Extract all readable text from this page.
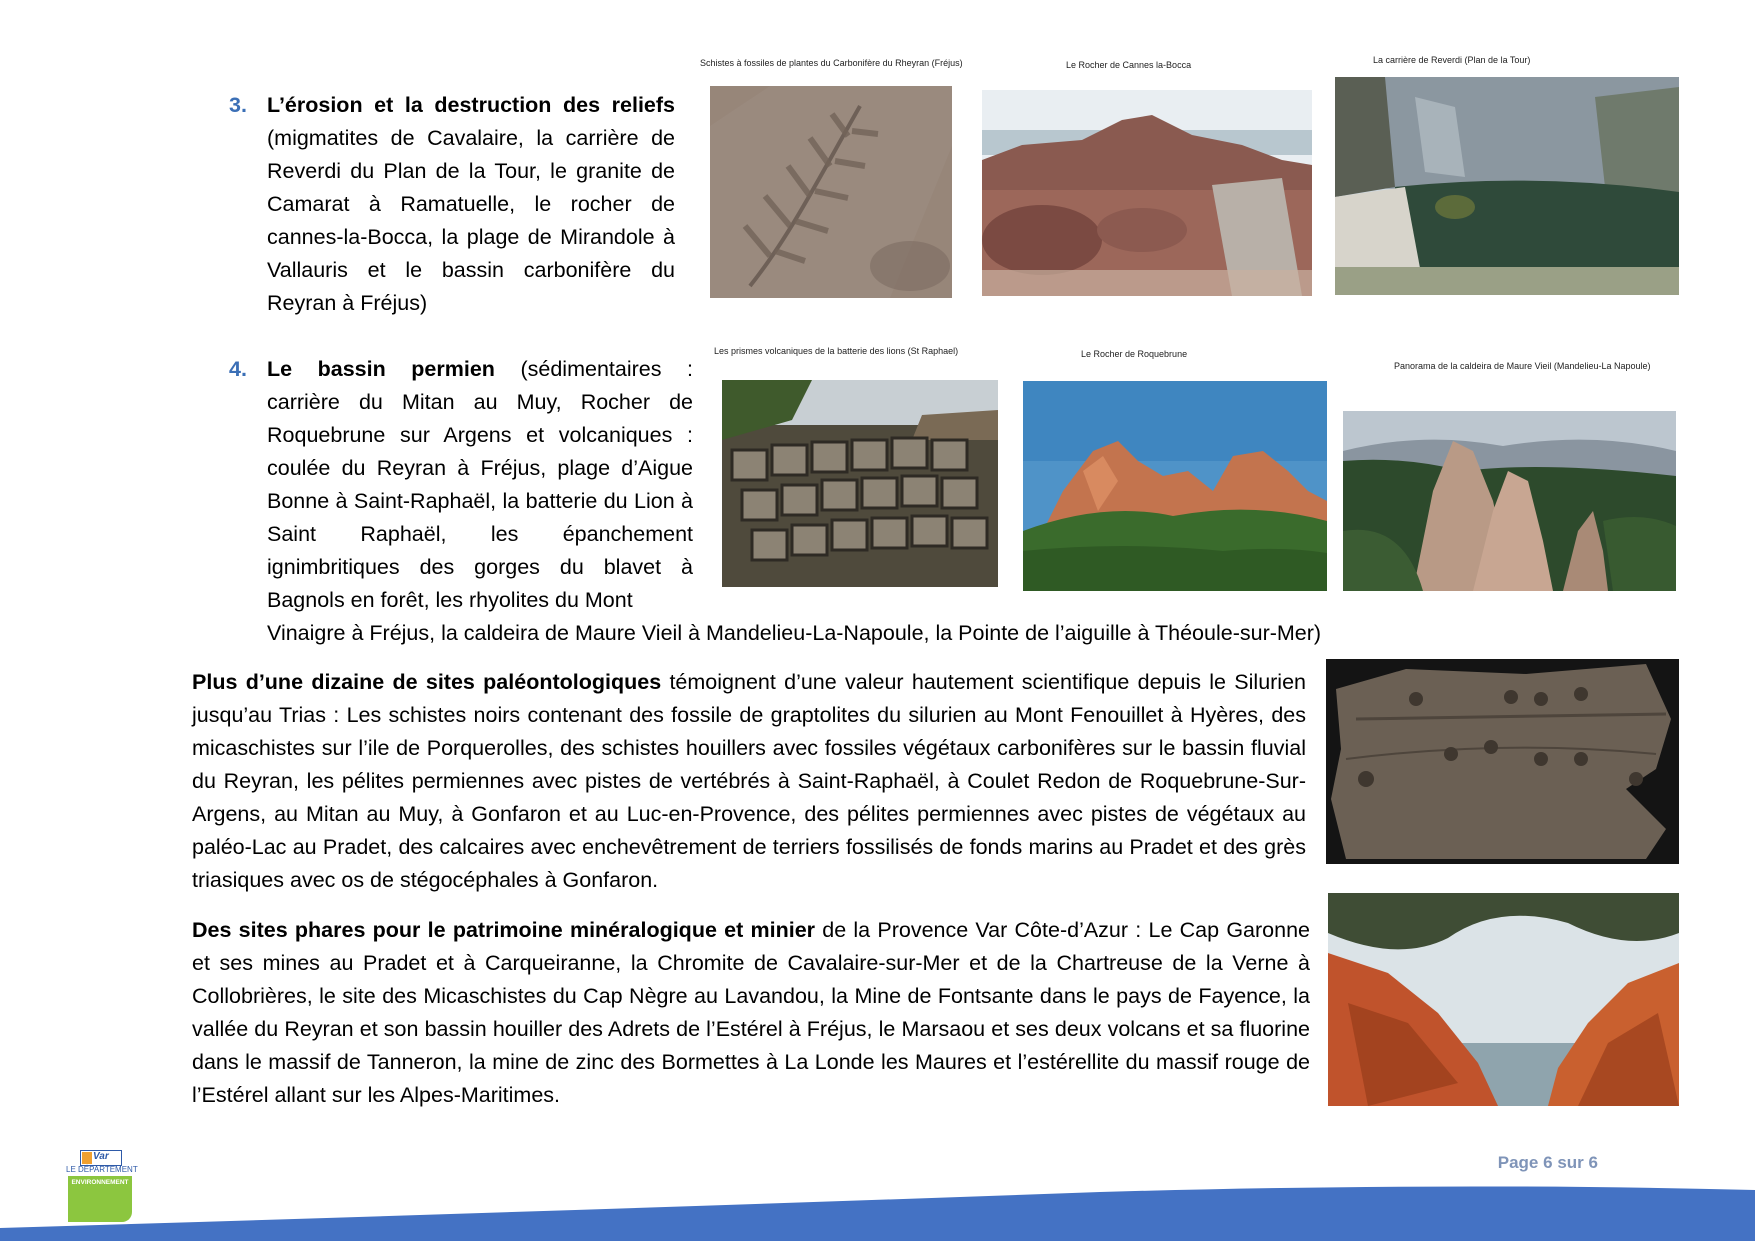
Schistes à fossiles de plantes du Carbonifère du Rheyran (Fréjus)	Le Rocher de Cannes la-Bocca	La carrière de Reverdi (Plan de la Tour)
3. L’érosion et la destruction des reliefs (migmatites de Cavalaire, la carrière de Reverdi du Plan de la Tour, le granite de Camarat à Ramatuelle, le rocher de cannes-la-Bocca, la plage de Mirandole à Vallauris et le bassin carbonifère du Reyran à Fréjus)
Les prismes volcaniques de la batterie des lions (St Raphael)	Le Rocher de Roquebrune
Panorama de la caldeira de Maure Vieil (Mandelieu-La Napoule)
4. Le bassin permien (sédimentaires : carrière du Mitan au Muy, Rocher de Roquebrune sur Argens et volcaniques : coulée du Reyran à Fréjus, plage d’Aigue Bonne à Saint-Raphaël, la batterie du Lion à Saint Raphaël, les épanchement ignimbritiques des gorges du blavet à Bagnols en forêt, les rhyolites du Mont
Vinaigre à Fréjus, la caldeira de Maure Vieil à Mandelieu-La-Napoule, la Pointe de l’aiguille à Théoule-sur-Mer)
Plus d’une dizaine de sites paléontologiques témoignent d’une valeur hautement scientifique depuis le Silurien jusqu’au Trias : Les schistes noirs contenant des fossile de graptolites du silurien au Mont Fenouillet à Hyères, des micaschistes sur l’ile de Porquerolles, des schistes houillers avec fossiles végétaux carbonifères sur le bassin fluvial du Reyran, les pélites permiennes avec pistes de vertébrés à Saint-Raphaël, à Coulet Redon de Roquebrune-Sur-Argens, au Mitan au Muy, à Gonfaron et au Luc-en-Provence, des pélites permiennes avec pistes de végétaux au paléo-Lac au Pradet, des calcaires avec enchevêtrement de terriers fossilisés de fonds marins au Pradet et des grès triasiques avec os de stégocéphales à Gonfaron.
Des sites phares pour le patrimoine minéralogique et minier de la Provence Var Côte-d’Azur : Le Cap Garonne et ses mines au Pradet et à Carqueiranne, la Chromite de Cavalaire-sur-Mer et de la Chartreuse de la Verne à Collobrières, le site des Micaschistes du Cap Nègre au Lavandou, la Mine de Fontsante dans le pays de Fayence, la vallée du Reyran et son bassin houiller des Adrets de l’Estérel à Fréjus, le Marsaou et ses deux volcans et sa fluorine dans le massif de Tanneron, la mine de zinc des Bormettes à La Londe les Maures et l’estérellite du massif rouge de l’Estérel allant sur les Alpes-Maritimes.
Var
LE DÉPARTEMENT
ENVIRONNEMENT
Page 6 sur 6
